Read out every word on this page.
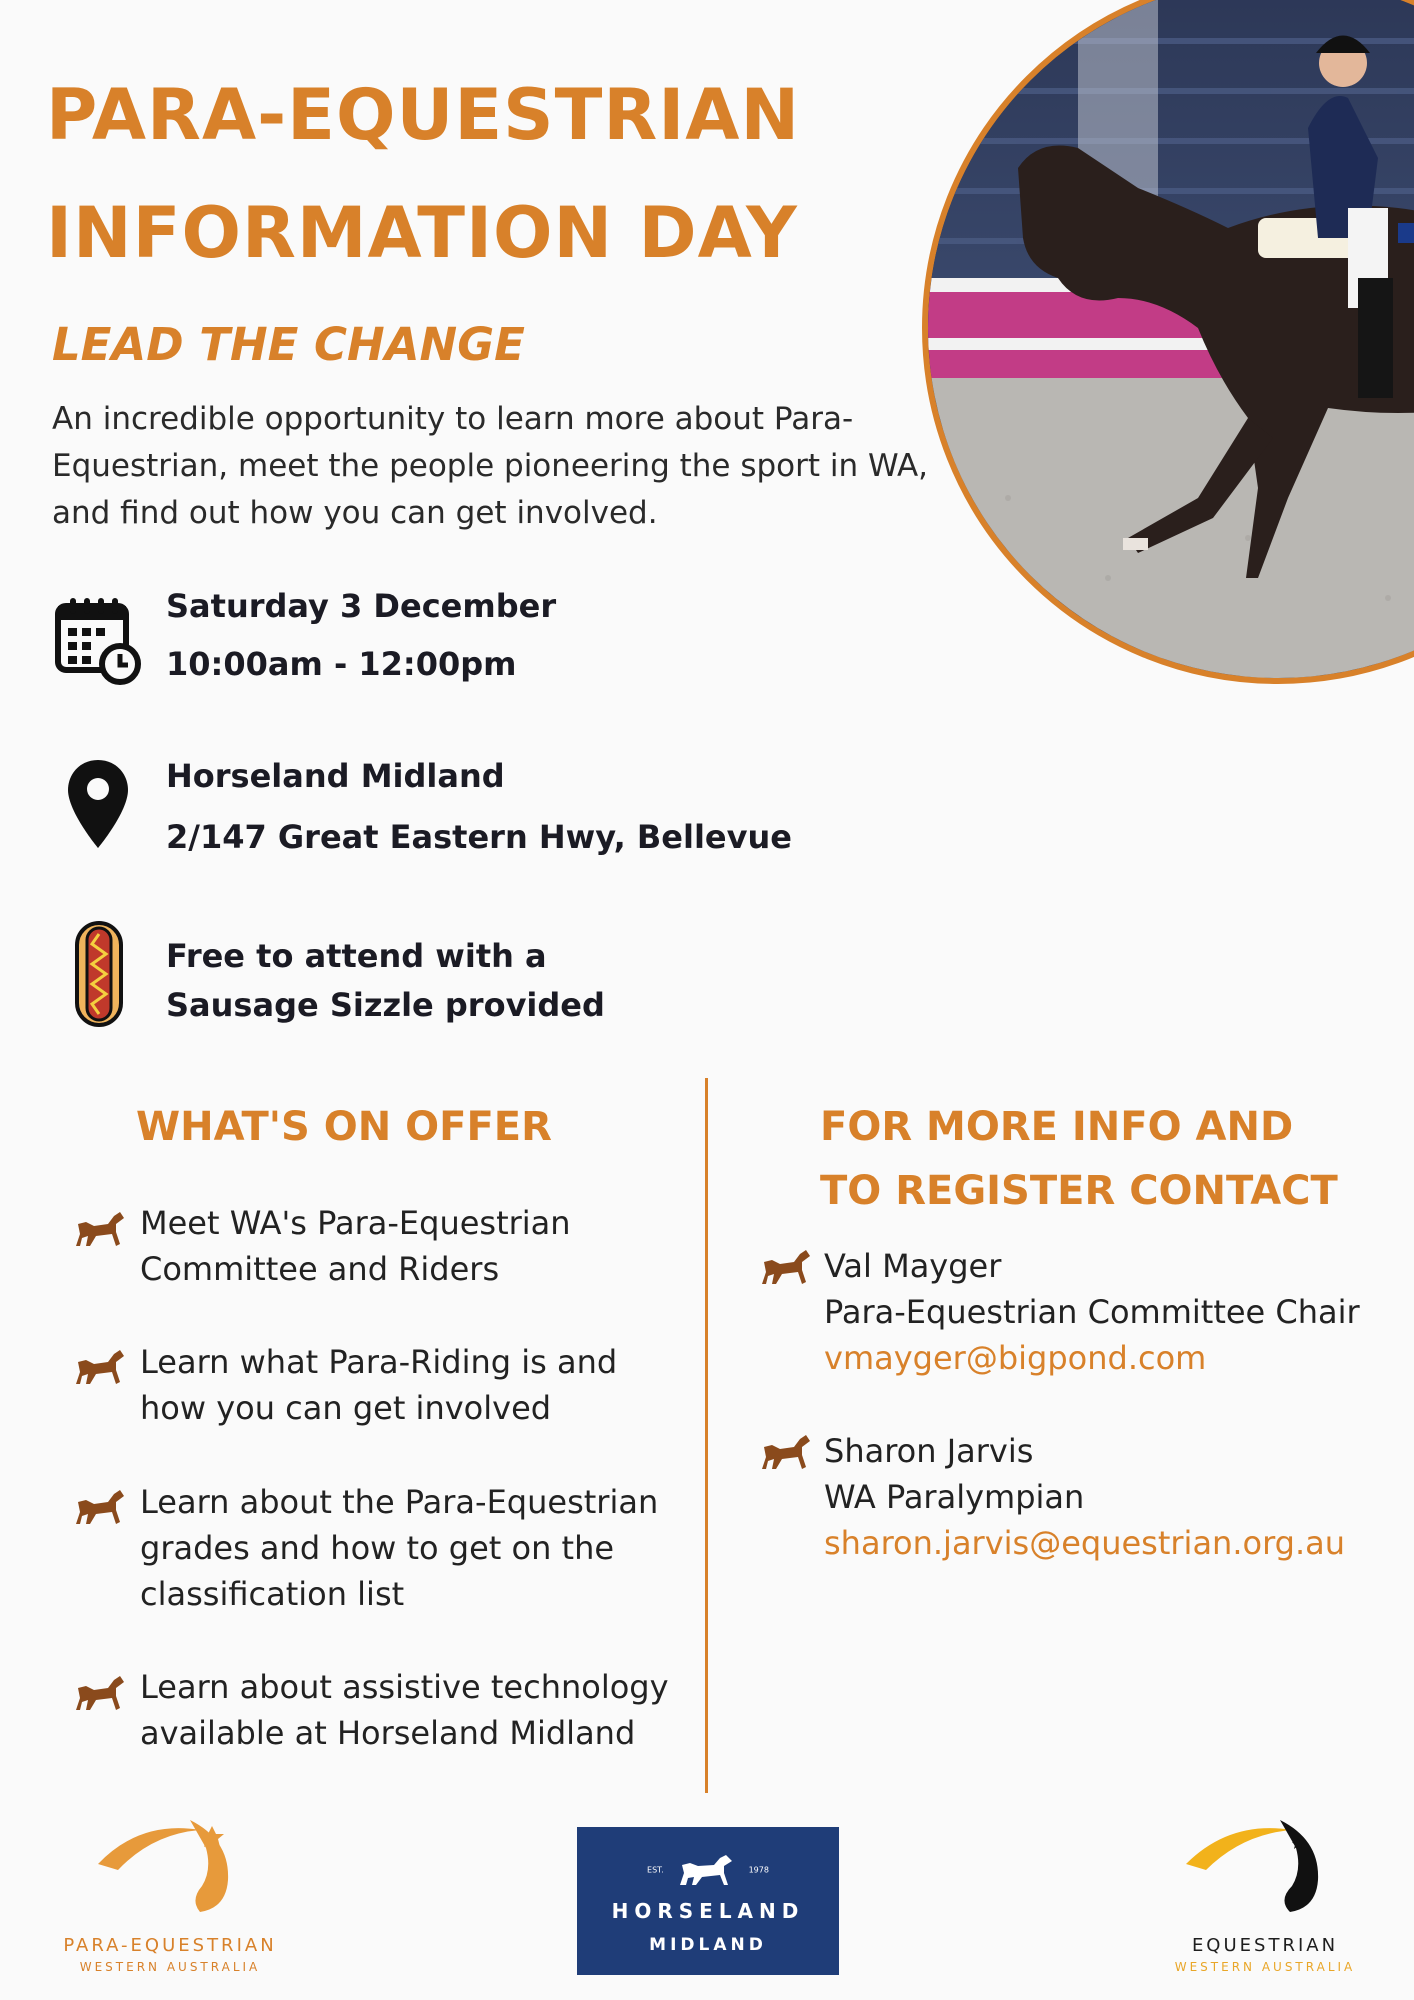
PARA-EQUESTRIAN
INFORMATION DAY
LEAD THE CHANGE

An incredible opportunity to learn more about Para-Equestrian, meet the people pioneering the sport in WA, and find out how you can get involved.

Saturday 3 December

10:00am - 12:00pm

Horseland Midland

2/147 Great Eastern Hwy, Bellevue

Free to attend with a

Sausage Sizzle provided

WHAT'S ON OFFER

Meet WA's Para-Equestrian
Committee and Riders

Learn what Para-Riding is and
how you can get involved

Learn about the Para-Equestrian
grades and how to get on the
classification list

Learn about assistive technology
available at Horseland Midland

FOR MORE INFO AND
TO REGISTER CONTACT

Val Mayger
Para-Equestrian Committee Chair
vmayger@bigpond.com

Sharon Jarvis
WA Paralympian
sharon.jarvis@equestrian.org.au

PARA-EQUESTRIAN
WESTERN AUSTRALIA
EST.	1978
HORSELAND
MIDLAND	EQUESTRIAN
WESTERN AUSTRALIA
